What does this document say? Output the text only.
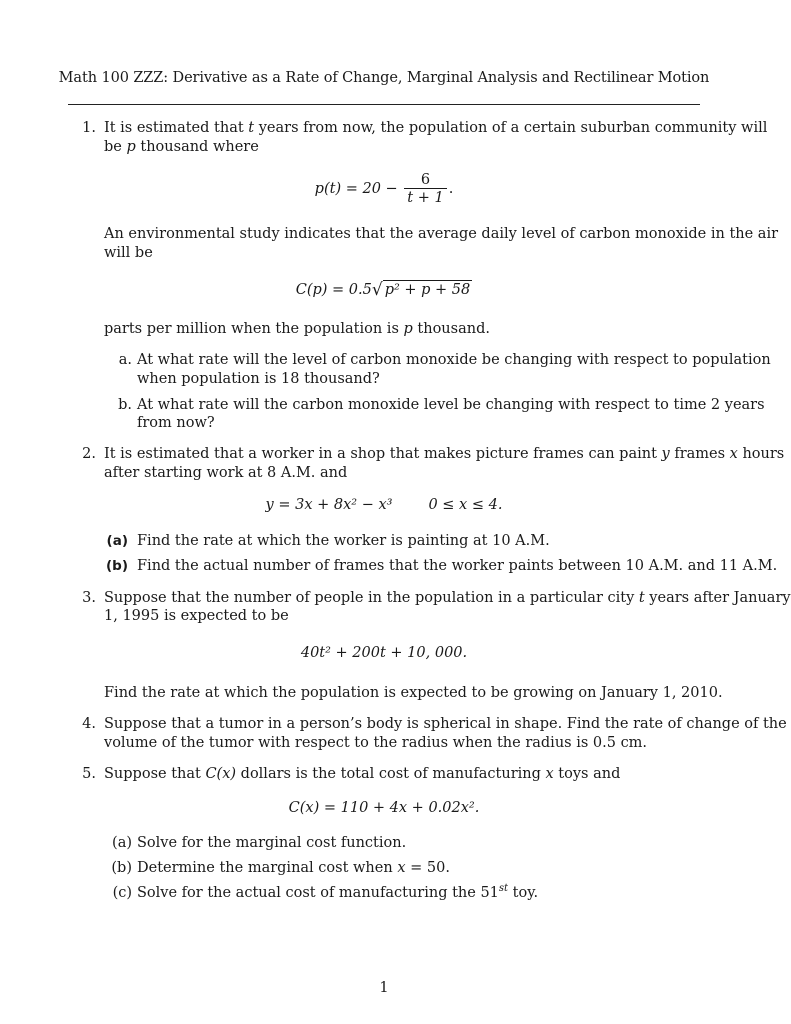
Math 100 ZZZ: Derivative as a Rate of Change, Marginal Analysis and Rectilinear Motion
1. It is estimated that t years from now, the population of a certain suburban community will
be p thousand where
$p(t) = 20 - \frac{6}{t + 1}$ .
An environmental study indicates that the average daily level of carbon monoxide in the air
will be
C(p) = 0.5√ p² + p + 58
parts per million when the population is p thousand.
a. At what rate will the level of carbon monoxide be changing with respect to population
when population is 18 thousand?
b. At what rate will the carbon monoxide level be changing with respect to time 2 years
from now?
2. It is estimated that a worker in a shop that makes picture frames can paint y frames x hours
after starting work at 8 A.M. and
y = 3x + 8x² − x³ 0 ≤ x ≤ 4.
(a) Find the rate at which the worker is painting at 10 A.M.
(b) Find the actual number of frames that the worker paints between 10 A.M. and 11 A.M.
3. Suppose that the number of people in the population in a particular city t years after January
1, 1995 is expected to be
40t² + 200t + 10, 000.
Find the rate at which the population is expected to be growing on January 1, 2010.
4. Suppose that a tumor in a person’s body is spherical in shape. Find the rate of change of the
volume of the tumor with respect to the radius when the radius is 0.5 cm.
5. Suppose that C(x) dollars is the total cost of manufacturing x toys and
C(x) = 110 + 4x + 0.02x².
(a) Solve for the marginal cost function.
(b) Determine the marginal cost when x = 50.
(c) Solve for the actual cost of manufacturing the 51st toy.
1
